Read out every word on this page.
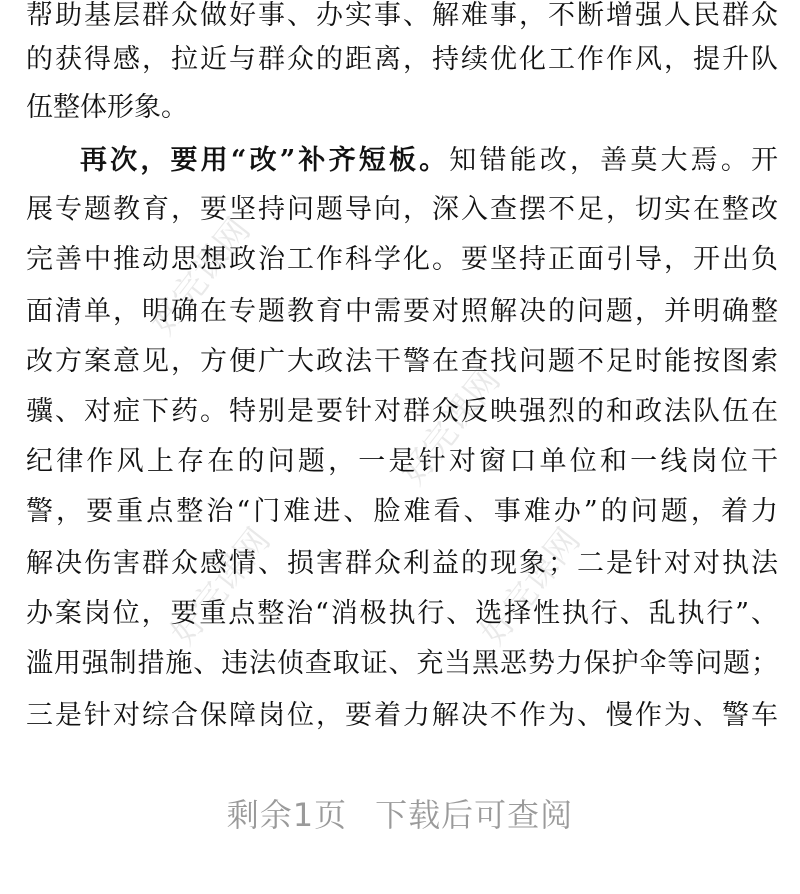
好完课网
好完课网
好完课网	好完课网
帮助基层群众做好事、办实事、解难事，不断增强人民群众
的获得感，拉近与群众的距离，持续优化工作作风，提升队
伍整体形象。
再次，要用“改”补齐短板。知错能改，善莫大焉。开
展专题教育，要坚持问题导向，深入查摆不足，切实在整改
完善中推动思想政治工作科学化。要坚持正面引导，开出负
面清单，明确在专题教育中需要对照解决的问题，并明确整
改方案意见，方便广大政法干警在查找问题不足时能按图索
骥、对症下药。特别是要针对群众反映强烈的和政法队伍在
纪律作风上存在的问题，一是针对窗口单位和一线岗位干
警，要重点整治“门难进、脸难看、事难办”的问题，着力
解决伤害群众感情、损害群众利益的现象；二是针对对执法
办案岗位，要重点整治“消极执行、选择性执行、乱执行”、
滥用强制措施、违法侦查取证、充当黑恶势力保护伞等问题；
三是针对综合保障岗位，要着力解决不作为、慢作为、警车
剩余1页 下载后可查阅
